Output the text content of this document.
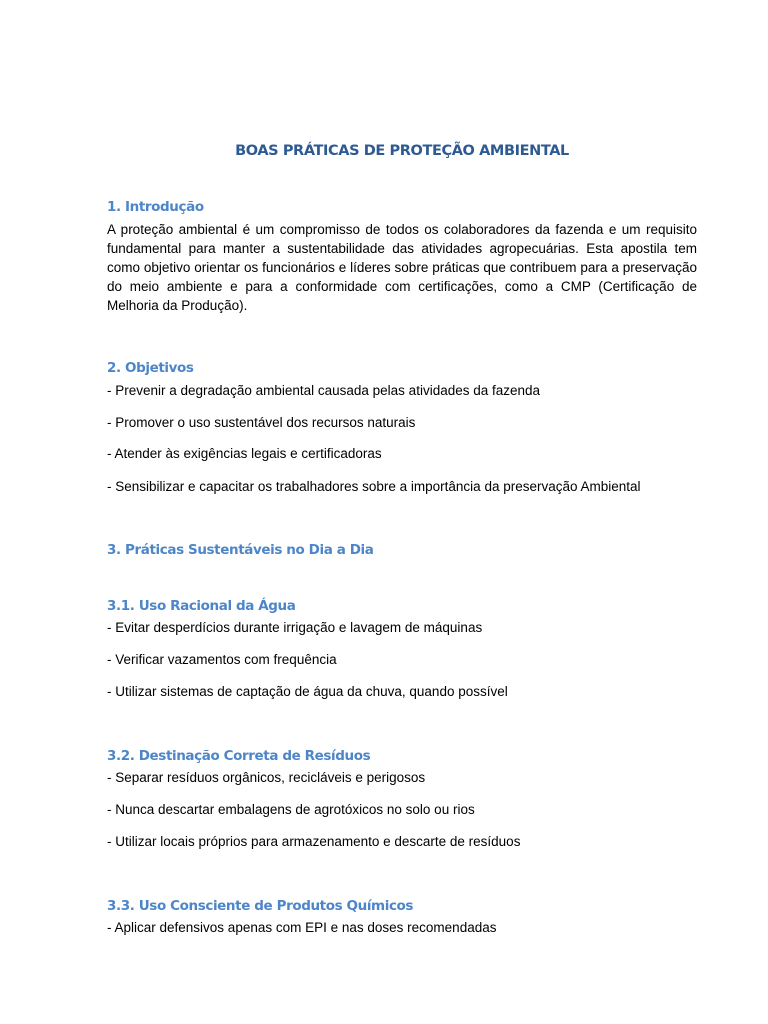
BOAS PRÁTICAS DE PROTEÇÃO AMBIENTAL
1. Introdução
A proteção ambiental é um compromisso de todos os colaboradores da fazenda e um requisito fundamental para manter a sustentabilidade das atividades agropecuárias. Esta apostila tem como objetivo orientar os funcionários e líderes sobre práticas que contribuem para a preservação do meio ambiente e para a conformidade com certificações, como a CMP (Certificação de Melhoria da Produção).
2. Objetivos
- Prevenir a degradação ambiental causada pelas atividades da fazenda
- Promover o uso sustentável dos recursos naturais
- Atender às exigências legais e certificadoras
- Sensibilizar e capacitar os trabalhadores sobre a importância da preservação Ambiental
3. Práticas Sustentáveis no Dia a Dia
3.1. Uso Racional da Água
- Evitar desperdícios durante irrigação e lavagem de máquinas
- Verificar vazamentos com frequência
- Utilizar sistemas de captação de água da chuva, quando possível
3.2. Destinação Correta de Resíduos
- Separar resíduos orgânicos, recicláveis e perigosos
- Nunca descartar embalagens de agrotóxicos no solo ou rios
- Utilizar locais próprios para armazenamento e descarte de resíduos
3.3. Uso Consciente de Produtos Químicos
- Aplicar defensivos apenas com EPI e nas doses recomendadas
